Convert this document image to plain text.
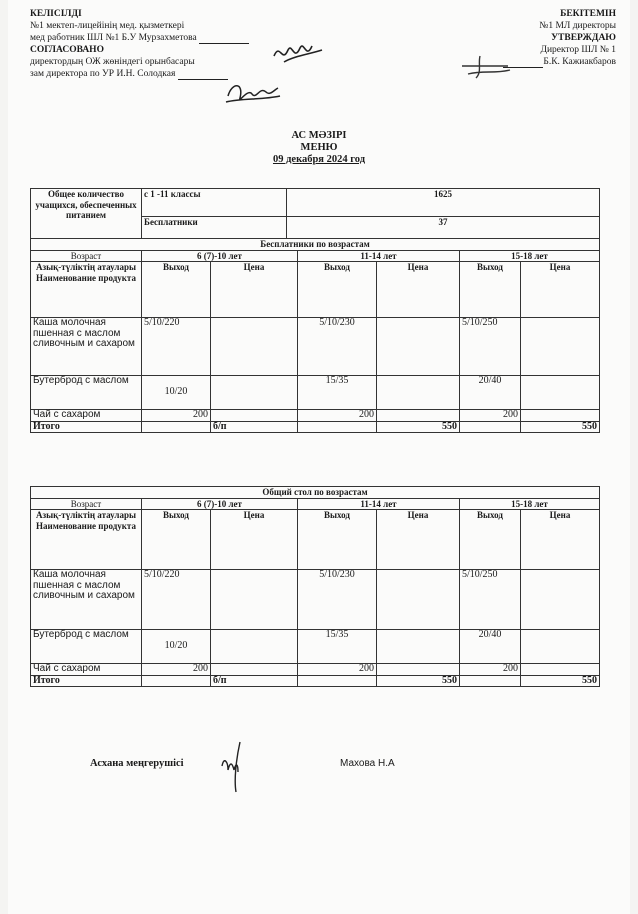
КЕЛІСІЛДІ
№1 мектеп-лицейінің мед. қызметкері
мед работник ШЛ №1 Б.У Мурзахметова
СОГЛАСОВАНО
директордың ОЖ жөніндегі орынбасары
зам директора по УР И.Н. Солодкая
БЕКІТЕМІН
№1 МЛ директоры
УТВЕРЖДАЮ
Директор ШЛ № 1
Б.К. Кажиакбаров
АС МӘЗІРІ
МЕНЮ
09 декабря 2024 год
Общее количество учащихся, обеспеченных питанием	с 1 -11 классы	1625
	Бесплатники	37
Бесплатники по возрастам						
Возраст	6 (7)-10 лет		11-14 лет		15-18 лет	
Азық-түліктің атаулары Наименование продукта	Выход	Цена	Выход	Цена	Выход	Цена
Каша молочная пшенная с маслом сливочным и сахаром	5/10/220		5/10/230		5/10/250	
Бутерброд с маслом	10/20		15/35		20/40	
Чай с сахаром	200		200		200	
Итого		б/п		550		550
Общий стол по возрастам						
Возраст	6 (7)-10 лет		11-14 лет		15-18 лет	
Азық-түліктің атаулары Наименование продукта	Выход	Цена	Выход	Цена	Выход	Цена
Каша молочная пшенная с маслом сливочным и сахаром	5/10/220		5/10/230		5/10/250	
Бутерброд с маслом	10/20		15/35		20/40	
Чай с сахаром	200		200		200	
Итого		б/п		550		550
Асхана меңгерушісі	Махова Н.А
